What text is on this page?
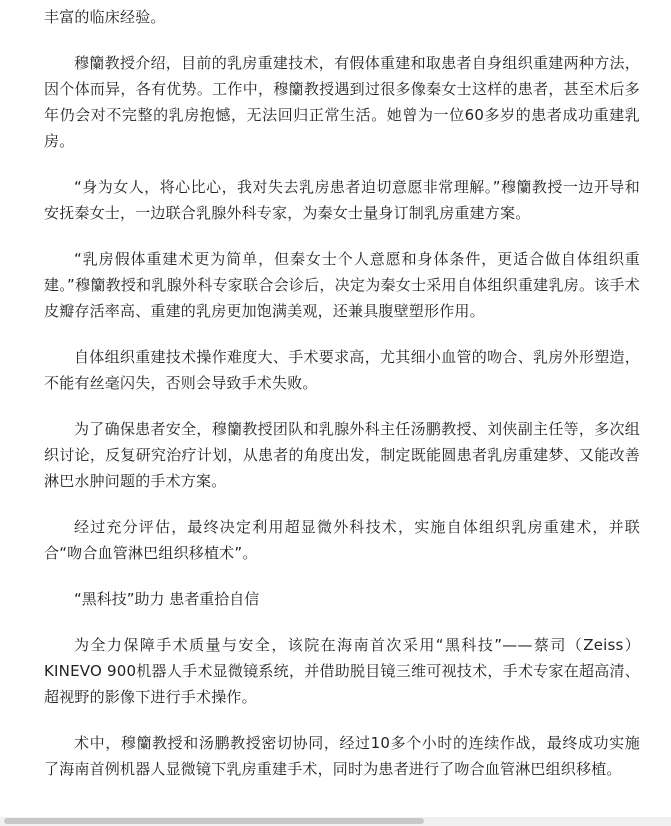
丰富的临床经验。

穆籣教授介绍，目前的乳房重建技术，有假体重建和取患者自身组织重建两种方法，因个体而异，各有优势。工作中，穆籣教授遇到过很多像秦女士这样的患者，甚至术后多年仍会对不完整的乳房抱憾，无法回归正常生活。她曾为一位60多岁的患者成功重建乳房。

“身为女人，将心比心，我对失去乳房患者迫切意愿非常理解。”穆籣教授一边开导和安抚秦女士，一边联合乳腺外科专家，为秦女士量身订制乳房重建方案。

“乳房假体重建术更为简单，但秦女士个人意愿和身体条件，更适合做自体组织重建。”穆籣教授和乳腺外科专家联合会诊后，决定为秦女士采用自体组织重建乳房。该手术皮瓣存活率高、重建的乳房更加饱满美观，还兼具腹壁塑形作用。

自体组织重建技术操作难度大、手术要求高，尤其细小血管的吻合、乳房外形塑造，不能有丝毫闪失，否则会导致手术失败。

为了确保患者安全，穆籣教授团队和乳腺外科主任汤鹏教授、刘侠副主任等，多次组织讨论，反复研究治疗计划，从患者的角度出发，制定既能圆患者乳房重建梦、又能改善淋巴水肿问题的手术方案。

经过充分评估，最终决定利用超显微外科技术，实施自体组织乳房重建术，并联合“吻合血管淋巴组织移植术”。

“黑科技”助力 患者重拾自信

为全力保障手术质量与安全，该院在海南首次采用“黑科技”——蔡司（Zeiss）KINEVO 900机器人手术显微镜系统，并借助脱目镜三维可视技术，手术专家在超高清、超视野的影像下进行手术操作。

术中，穆籣教授和汤鹏教授密切协同，经过10多个小时的连续作战，最终成功实施了海南首例机器人显微镜下乳房重建手术，同时为患者进行了吻合血管淋巴组织移植。
